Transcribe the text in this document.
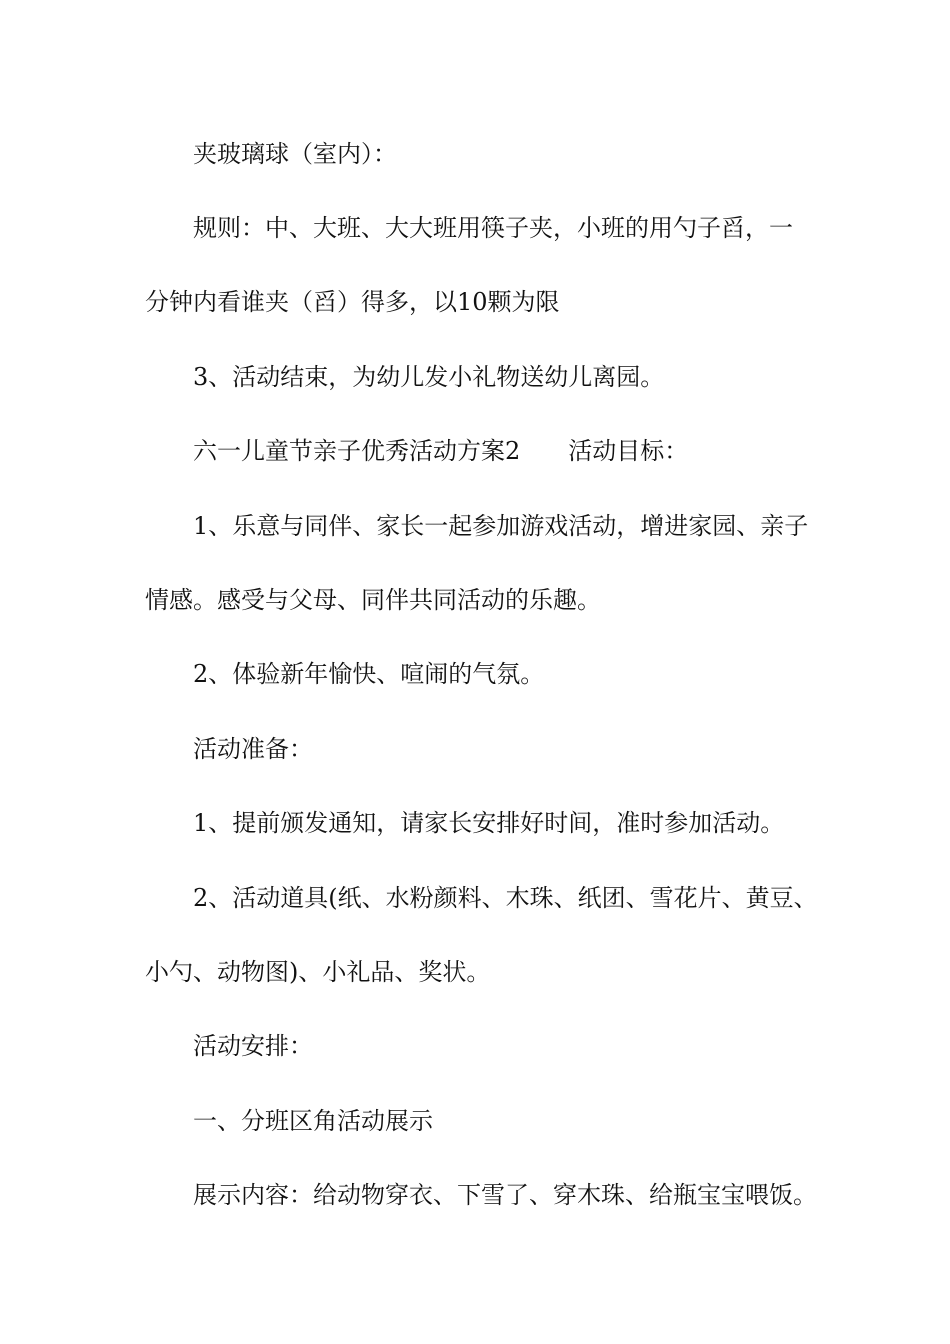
夹玻璃球（室内）：
规则：中、大班、大大班用筷子夹，小班的用勺子舀，一
分钟内看谁夹（舀）得多，以10颗为限
3、活动结束，为幼儿发小礼物送幼儿离园。
六一儿童节亲子优秀活动方案2　　活动目标：
1、乐意与同伴、家长一起参加游戏活动，增进家园、亲子
情感。感受与父母、同伴共同活动的乐趣。
2、体验新年愉快、喧闹的气氛。
活动准备：
1、提前颁发通知，请家长安排好时间，准时参加活动。
2、活动道具(纸、水粉颜料、木珠、纸团、雪花片、黄豆、
小勺、动物图)、小礼品、奖状。
活动安排：
一、分班区角活动展示
展示内容：给动物穿衣、下雪了、穿木珠、给瓶宝宝喂饭。
